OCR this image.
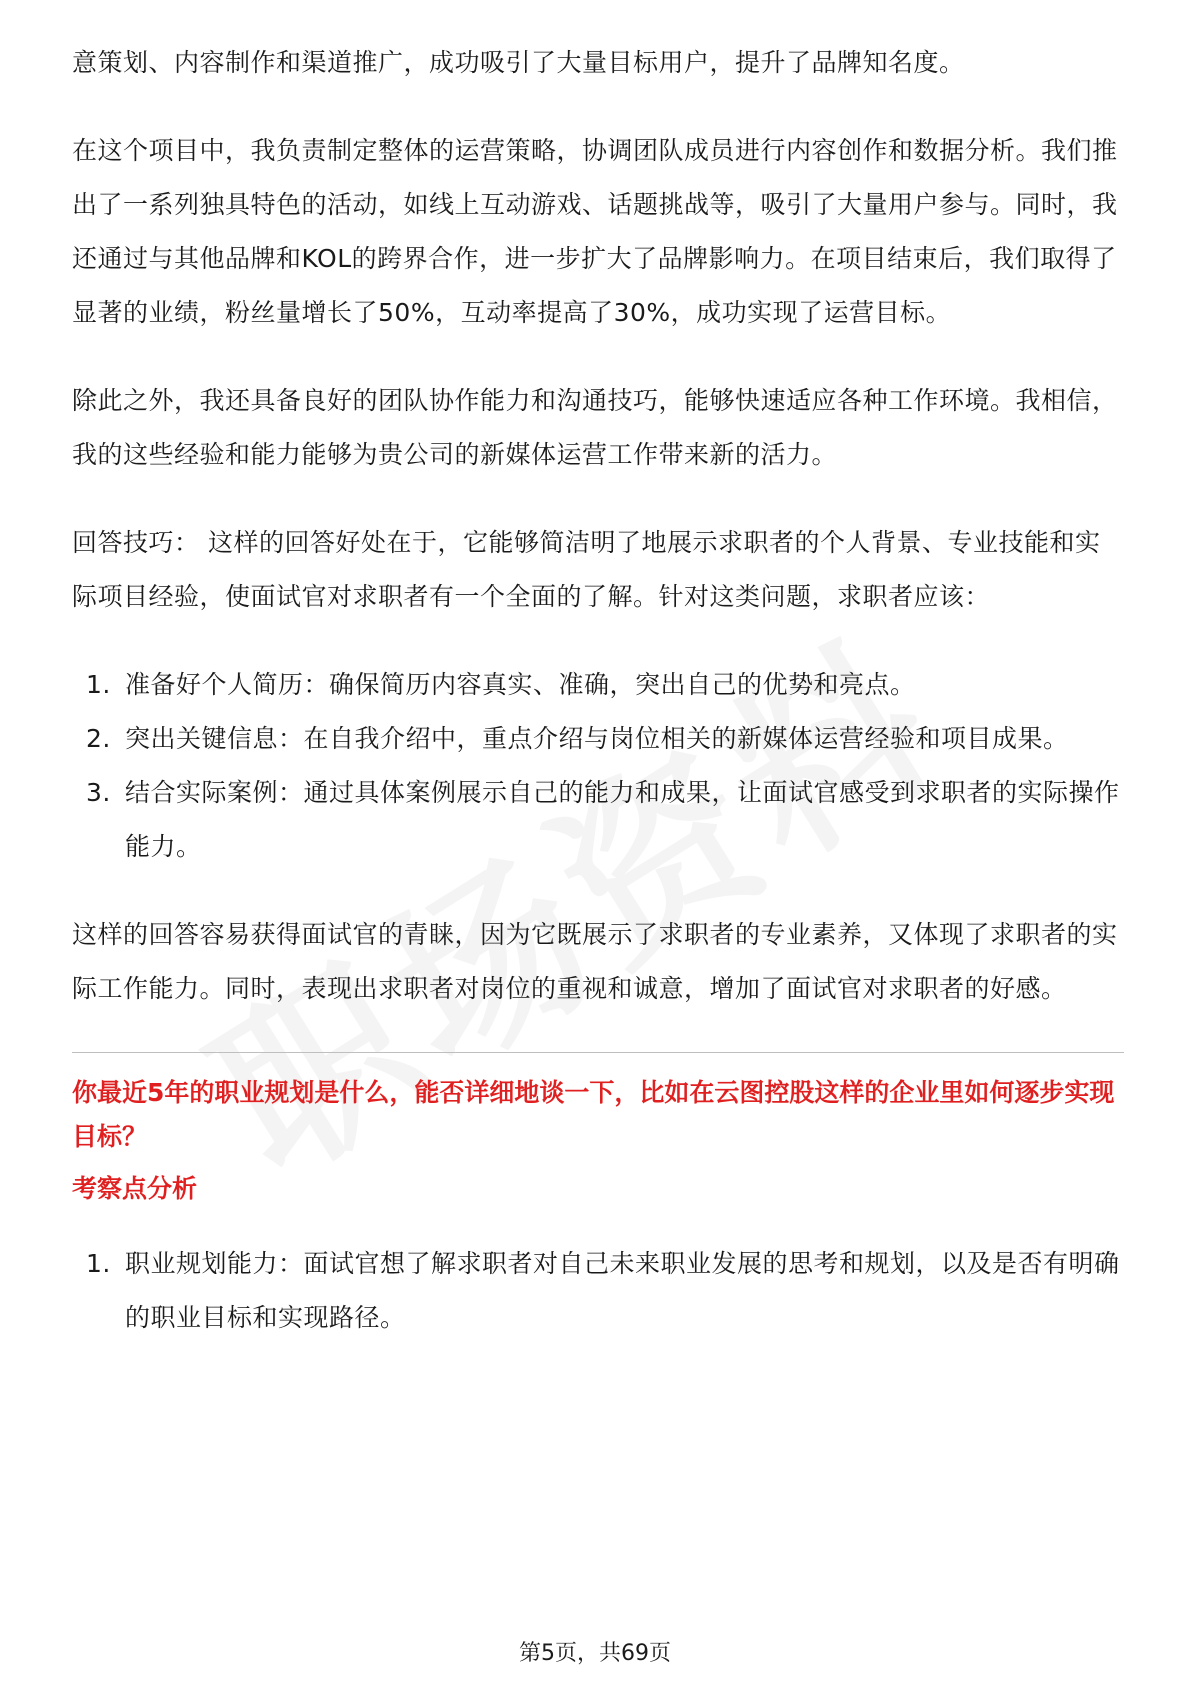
意策划、内容制作和渠道推广，成功吸引了大量目标用户，提升了品牌知名度。

在这个项目中，我负责制定整体的运营策略，协调团队成员进行内容创作和数据分析。我们推出了一系列独具特色的活动，如线上互动游戏、话题挑战等，吸引了大量用户参与。同时，我还通过与其他品牌和KOL的跨界合作，进一步扩大了品牌影响力。在项目结束后，我们取得了显著的业绩，粉丝量增长了50%，互动率提高了30%，成功实现了运营目标。

除此之外，我还具备良好的团队协作能力和沟通技巧，能够快速适应各种工作环境。我相信，我的这些经验和能力能够为贵公司的新媒体运营工作带来新的活力。

回答技巧： 这样的回答好处在于，它能够简洁明了地展示求职者的个人背景、专业技能和实际项目经验，使面试官对求职者有一个全面的了解。针对这类问题，求职者应该：

1. 准备好个人简历：确保简历内容真实、准确，突出自己的优势和亮点。
2. 突出关键信息：在自我介绍中，重点介绍与岗位相关的新媒体运营经验和项目成果。
3. 结合实际案例：通过具体案例展示自己的能力和成果，让面试官感受到求职者的实际操作能力。

这样的回答容易获得面试官的青睐，因为它既展示了求职者的专业素养，又体现了求职者的实际工作能力。同时，表现出求职者对岗位的重视和诚意，增加了面试官对求职者的好感。

你最近5年的职业规划是什么，能否详细地谈一下，比如在云图控股这样的企业里如何逐步实现目标？

考察点分析

1. 职业规划能力：面试官想了解求职者对自己未来职业发展的思考和规划，以及是否有明确的职业目标和实现路径。
第5页，共69页
